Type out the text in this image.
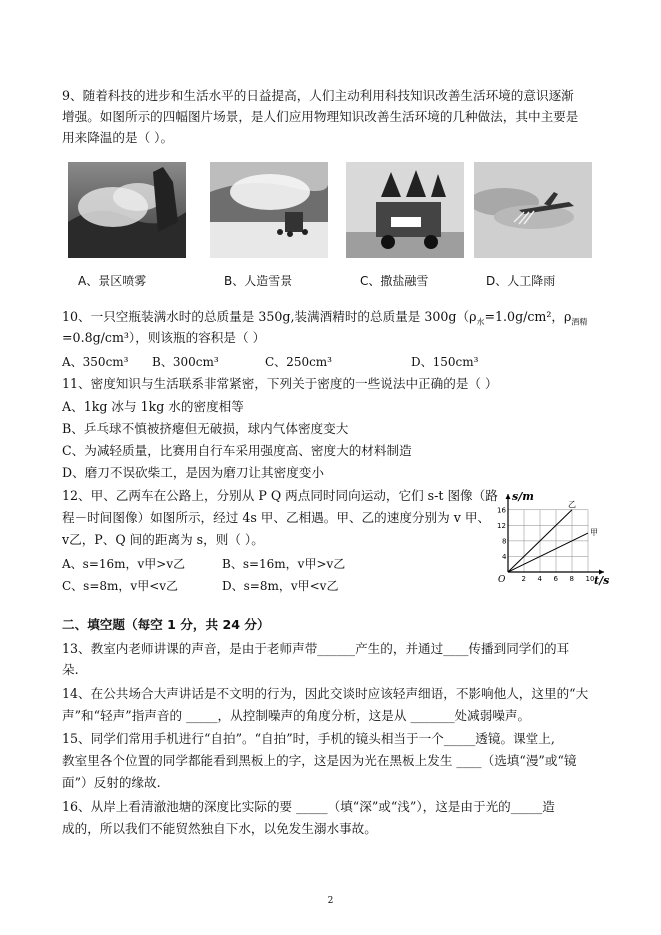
9、随着科技的进步和生活水平的日益提高，人们主动利用科技知识改善生活环境的意识逐渐
增强。如图所示的四幅图片场景，是人们应用物理知识改善生活环境的几种做法，其中主要是
用来降温的是（ ）。
A、景区喷雾	B、人造雪景	C、撒盐融雪	D、人工降雨
10、一只空瓶装满水时的总质量是 350g,装满酒精时的总质量是 $300g(\rho_水=1.0g$/cm²，$\rho_{酒精}$
=0.8g/cm³），则该瓶的容积是（ ）
A、350cm³ B、300cm³	C、250cm³	D、150cm³
11、密度知识与生活联系非常紧密，下列关于密度的一些说法中正确的是（ ）
A、1kg 冰与 1kg 水的密度相等
B、乒乓球不慎被挤瘪但无破损，球内气体密度变大
C、为减轻质量，比赛用自行车采用强度高、密度大的材料制造
D、磨刀不误砍柴工，是因为磨刀让其密度变小
12、甲、乙两车在公路上，分别从 P Q 两点同时同向运动，它们 s-t 图像（路
程－时间图像）如图所示，经过 4s 甲、乙相遇。甲、乙的速度分别为 v 甲、
v乙，P、Q 间的距离为 s，则（ ）。
A、s=16m，v甲>v乙	B、s=16m，v甲>v乙
C、s=8m，v甲<v乙	D、s=8m，v甲<v乙
乙
甲
2 4 6 8 10
4
8
12
16
s/m
t/s
O
二、填空题（每空 1 分，共 24 分）
13、教室内老师讲课的声音，是由于老师声带______产生的，并通过____传播到同学们的耳
朵.
14、在公共场合大声讲话是不文明的行为，因此交谈时应该轻声细语，不影响他人，这里的“大
声”和“轻声”指声音的 _____，从控制噪声的角度分析，这是从 _______处减弱噪声。
15、同学们常用手机进行“自拍”。“自拍”时，手机的镜头相当于一个_____透镜。课堂上,
教室里各个位置的同学都能看到黑板上的字，这是因为光在黑板上发生 ____（选填“漫”或“镜
面”）反射的缘故.
16、从岸上看清澈池塘的深度比实际的要 _____（填“深”或“浅”），这是由于光的_____造
成的，所以我们不能贸然独自下水，以免发生溺水事故。
2
